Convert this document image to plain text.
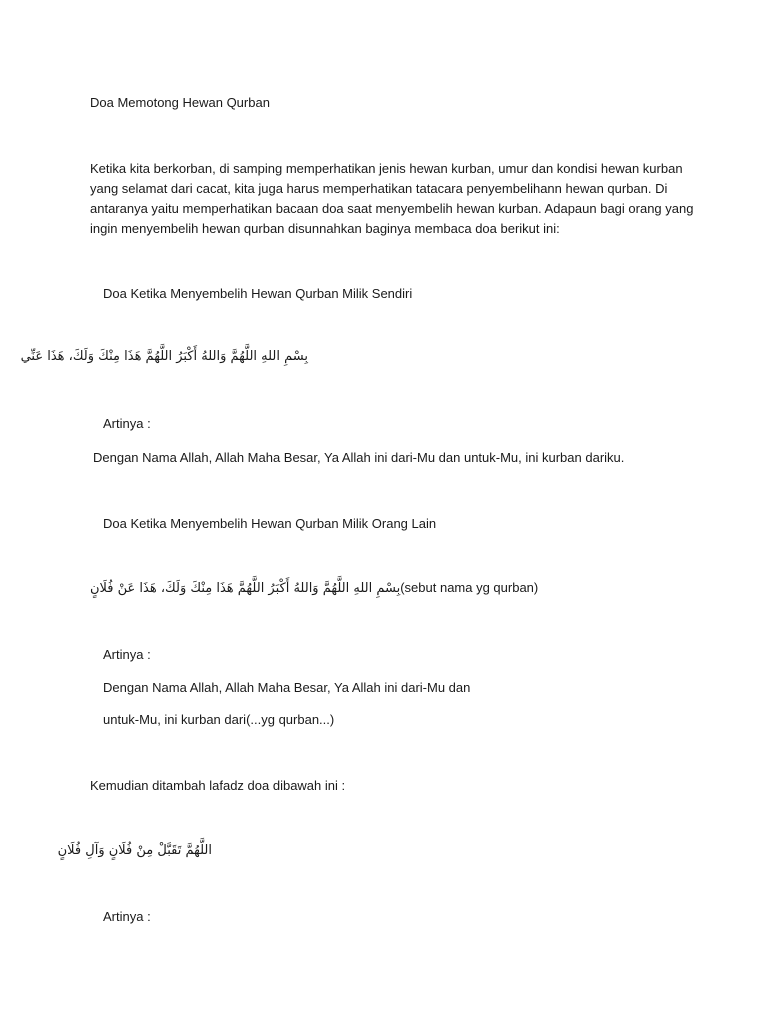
Doa Memotong Hewan Qurban
Ketika kita berkorban, di samping memperhatikan jenis hewan kurban, umur dan kondisi hewan kurban
yang selamat dari cacat, kita juga harus memperhatikan tatacara penyembelihann hewan qurban. Di
antaranya yaitu memperhatikan bacaan doa saat menyembelih hewan kurban. Adapaun bagi orang yang
ingin menyembelih hewan qurban disunnahkan baginya membaca doa berikut ini:
Doa Ketika Menyembelih Hewan Qurban Milik Sendiri
بِسْمِ اللهِ اللَّهُمَّ وَاللهُ أَكْبَرُ اللَّهُمَّ هَذَا مِنْكَ وَلَكَ، هَذَا عَنِّي
Artinya :
Dengan Nama Allah, Allah Maha Besar, Ya Allah ini dari-Mu dan untuk-Mu, ini kurban dariku.
Doa Ketika Menyembelih Hewan Qurban Milik Orang Lain
بِسْمِ اللهِ اللَّهُمَّ وَاللهُ أَكْبَرُ اللَّهُمَّ هَذَا مِنْكَ وَلَكَ، هَذَا عَنْ فُلَانٍ(sebut nama yg qurban)
Artinya :
Dengan Nama Allah, Allah Maha Besar, Ya Allah ini dari-Mu dan
untuk-Mu, ini kurban dari(...yg qurban...)
Kemudian ditambah lafadz doa dibawah ini :
اللَّهُمَّ تَقَبَّلْ مِنْ فُلَانٍ وَآلِ فُلَانٍ
Artinya :
